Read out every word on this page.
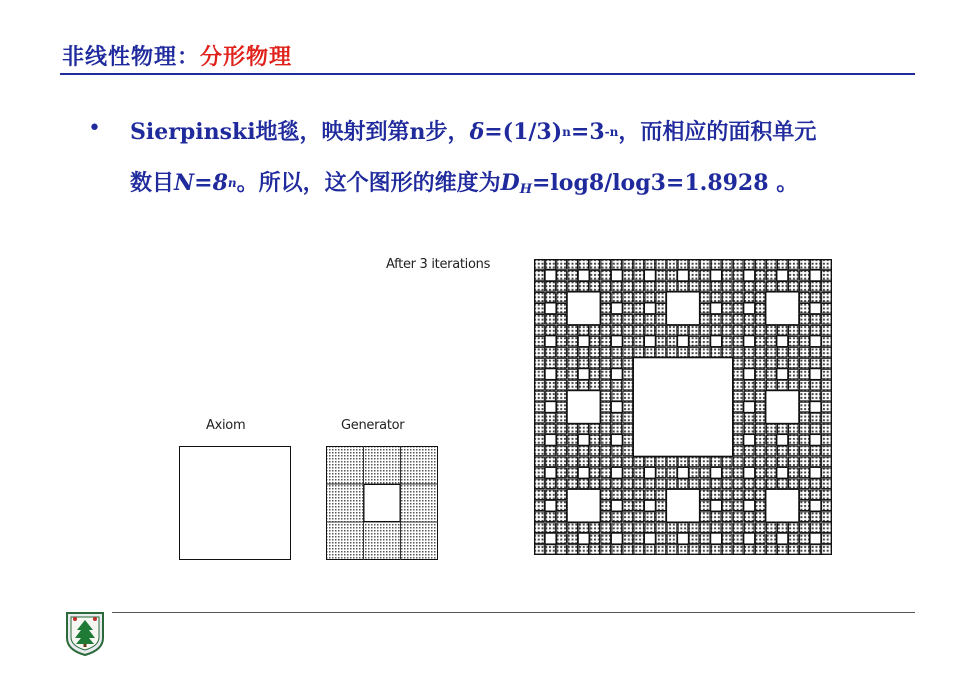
非线性物理：分形物理
• Sierpinski地毯，映射到第n步，$\delta=(1/3)^n=3^{-n}$，而相应的面积单元
数目$N=8^n$。所以，这个图形的维度为$D_H=\log 8/\log 3=1.8928$ 。
After 3 iterations
Axiom	Generator
